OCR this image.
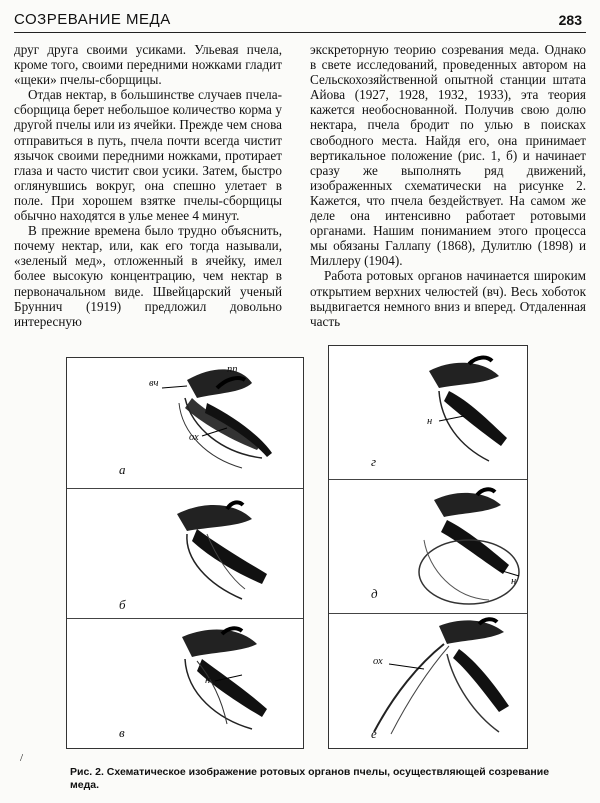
СОЗРЕВАНИЕ МЕДА	283

друг друга своими усиками. Ульевая пчела, кроме того, своими передними ножками гладит «щеки» пчелы-сборщицы.

Отдав нектар, в большинстве случаев пчела-сборщица берет небольшое количество корма у другой пчелы или из ячейки. Прежде чем снова отправиться в путь, пчела почти всегда чистит язычок своими передними ножками, протирает глаза и часто чистит свои усики. Затем, быстро оглянувшись вокруг, она спешно улетает в поле. При хорошем взятке пчелы-сборщицы обычно находятся в улье менее 4 минут.

В прежние времена было трудно объяснить, почему нектар, или, как его тогда называли, «зеленый мед», отложенный в ячейку, имел более высокую концентрацию, чем нектар в первоначальном виде. Швейцарский ученый Бруннич (1919) предложил довольно интересную

экскреторную теорию созревания меда. Однако в свете исследований, проведенных автором на Сельскохозяйственной опытной станции штата Айова (1927, 1928, 1932, 1933), эта теория кажется необоснованной. Получив свою долю нектара, пчела бродит по улью в поисках свободного места. Найдя его, она принимает вертикальное положение (рис. 1, б) и начинает сразу же выполнять ряд движений, изображенных схематически на рисунке 2. Кажется, что пчела бездействует. На самом же деле она интенсивно работает ротовыми органами. Нашим пониманием этого процесса мы обязаны Галлапу (1868), Дулитлю (1898) и Миллеру (1904).

Работа ротовых органов начинается широким открытием верхних челюстей (вч). Весь хоботок выдвигается немного вниз и вперед. Отдаленная часть

вч
пп
ох
а
б
н
в
н
г
н
д
ох
е
/
Рис. 2. Схематическое изображение ротовых органов пчелы, осуществляющей созревание меда.
